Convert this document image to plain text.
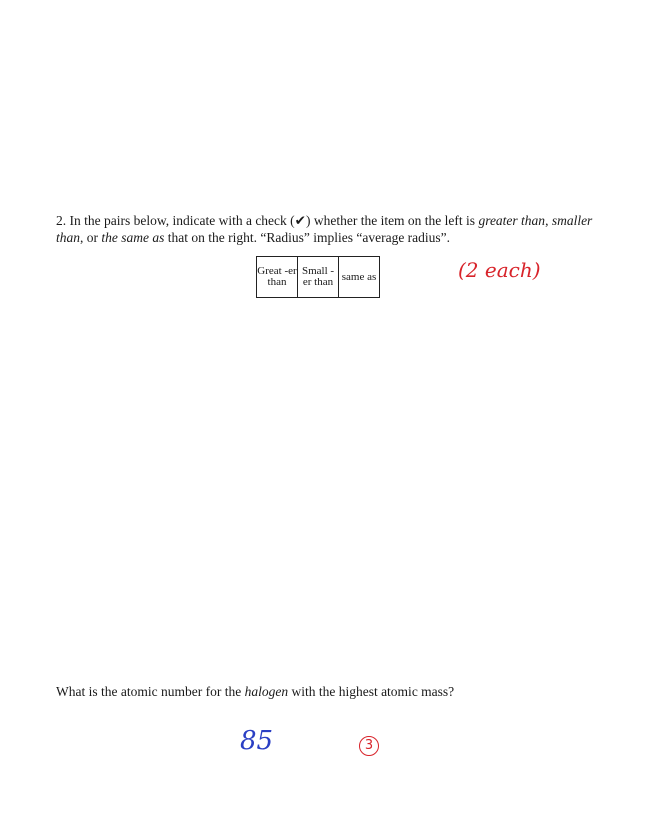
2. In the pairs below, indicate with a check (✔) whether the item on the left is greater than, smaller than, or the same as that on the right. “Radius” implies “average radius”.
(2 each)
Great -er than	Small -er than	same as
What is the atomic number for the halogen with the highest atomic mass?
85	3
